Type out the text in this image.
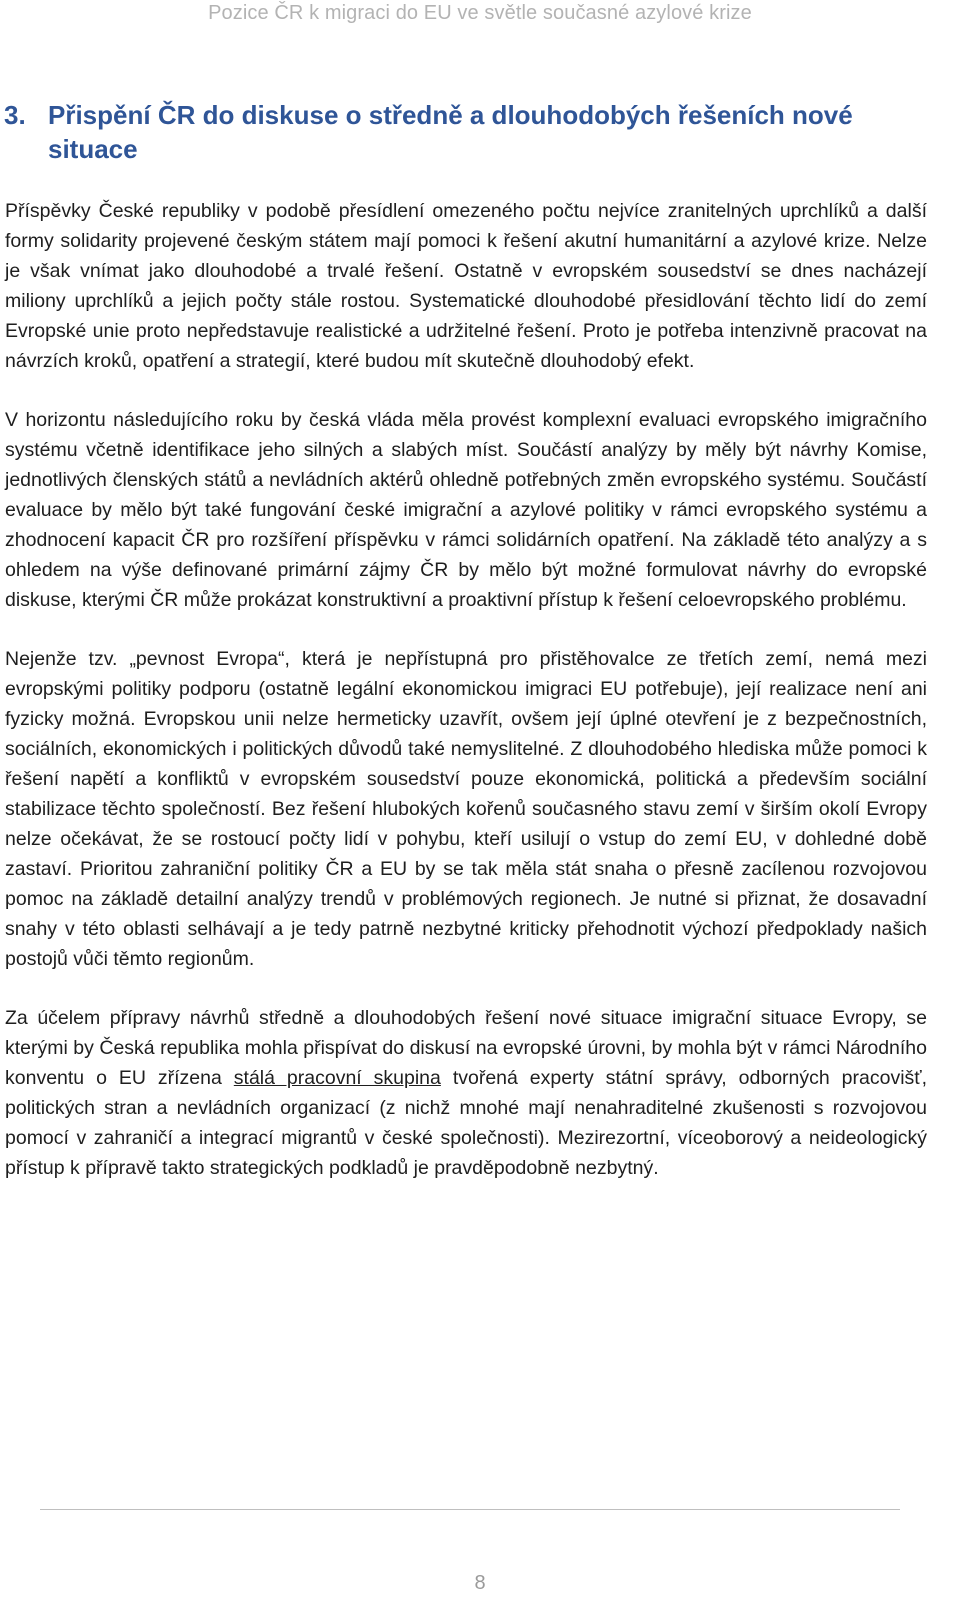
Pozice ČR k migraci do EU ve světle současné azylové krize
3. Přispění ČR do diskuse o středně a dlouhodobých řešeních nové
situace

Příspěvky České republiky v podobě přesídlení omezeného počtu nejvíce zranitelných uprchlíků a další formy solidarity projevené českým státem mají pomoci k řešení akutní humanitární a azylové krize. Nelze je však vnímat jako dlouhodobé a trvalé řešení. Ostatně v evropském sousedství se dnes nacházejí miliony uprchlíků a jejich počty stále rostou. Systematické dlouhodobé přesidlování těchto lidí do zemí Evropské unie proto nepředstavuje realistické a udržitelné řešení. Proto je potřeba intenzivně pracovat na návrzích kroků, opatření a strategií, které budou mít skutečně dlouhodobý efekt.

V horizontu následujícího roku by česká vláda měla provést komplexní evaluaci evropského imigračního systému včetně identifikace jeho silných a slabých míst. Součástí analýzy by měly být návrhy Komise, jednotlivých členských států a nevládních aktérů ohledně potřebných změn evropského systému. Součástí evaluace by mělo být také fungování české imigrační a azylové politiky v rámci evropského systému a zhodnocení kapacit ČR pro rozšíření příspěvku v rámci solidárních opatření. Na základě této analýzy a s ohledem na výše definované primární zájmy ČR by mělo být možné formulovat návrhy do evropské diskuse, kterými ČR může prokázat konstruktivní a proaktivní přístup k řešení celoevropského problému.

Nejenže tzv. „pevnost Evropa“, která je nepřístupná pro přistěhovalce ze třetích zemí, nemá mezi evropskými politiky podporu (ostatně legální ekonomickou imigraci EU potřebuje), její realizace není ani fyzicky možná. Evropskou unii nelze hermeticky uzavřít, ovšem její úplné otevření je z bezpečnostních, sociálních, ekonomických i politických důvodů také nemyslitelné. Z dlouhodobého hlediska může pomoci k řešení napětí a konfliktů v evropském sousedství pouze ekonomická, politická a především sociální stabilizace těchto společností. Bez řešení hlubokých kořenů současného stavu zemí v širším okolí Evropy nelze očekávat, že se rostoucí počty lidí v pohybu, kteří usilují o vstup do zemí EU, v dohledné době zastaví. Prioritou zahraniční politiky ČR a EU by se tak měla stát snaha o přesně zacílenou rozvojovou pomoc na základě detailní analýzy trendů v problémových regionech. Je nutné si přiznat, že dosavadní snahy v této oblasti selhávají a je tedy patrně nezbytné kriticky přehodnotit výchozí předpoklady našich postojů vůči těmto regionům.

Za účelem přípravy návrhů středně a dlouhodobých řešení nové situace imigrační situace Evropy, se kterými by Česká republika mohla přispívat do diskusí na evropské úrovni, by mohla být v rámci Národního konventu o EU zřízena stálá pracovní skupina tvořená experty státní správy, odborných pracovišť, politických stran a nevládních organizací (z nichž mnohé mají nenahraditelné zkušenosti s rozvojovou pomocí v zahraničí a integrací migrantů v české společnosti). Mezirezortní, víceoborový a neideologický přístup k přípravě takto strategických podkladů je pravděpodobně nezbytný.

8
